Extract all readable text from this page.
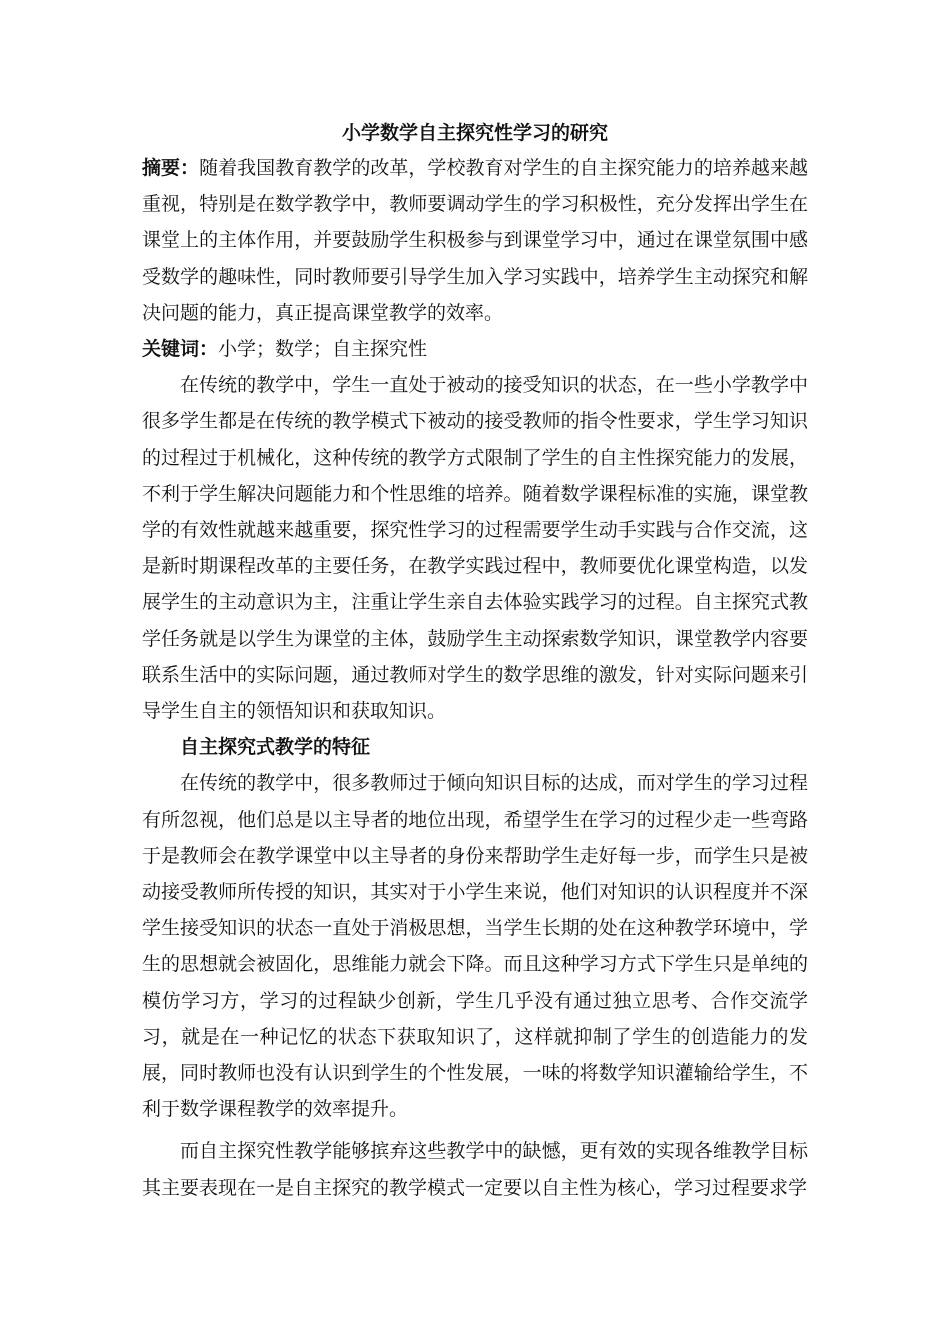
小学数学自主探究性学习的研究

摘要：随着我国教育教学的改革，学校教育对学生的自主探究能力的培养越来越重视，特别是在数学教学中，教师要调动学生的学习积极性，充分发挥出学生在课堂上的主体作用，并要鼓励学生积极参与到课堂学习中，通过在课堂氛围中感受数学的趣味性，同时教师要引导学生加入学习实践中，培养学生主动探究和解决问题的能力，真正提高课堂教学的效率。

关键词：小学；数学；自主探究性

在传统的教学中，学生一直处于被动的接受知识的状态，在一些小学教学中很多学生都是在传统的教学模式下被动的接受教师的指令性要求，学生学习知识的过程过于机械化，这种传统的教学方式限制了学生的自主性探究能力的发展，不利于学生解决问题能力和个性思维的培养。随着数学课程标准的实施，课堂教学的有效性就越来越重要，探究性学习的过程需要学生动手实践与合作交流，这是新时期课程改革的主要任务，在教学实践过程中，教师要优化课堂构造，以发展学生的主动意识为主，注重让学生亲自去体验实践学习的过程。自主探究式教学任务就是以学生为课堂的主体，鼓励学生主动探索数学知识，课堂教学内容要联系生活中的实际问题，通过教师对学生的数学思维的激发，针对实际问题来引导学生自主的领悟知识和获取知识。

自主探究式教学的特征

在传统的教学中，很多教师过于倾向知识目标的达成，而对学生的学习过程有所忽视，他们总是以主导者的地位出现，希望学生在学习的过程少走一些弯路于是教师会在教学课堂中以主导者的身份来帮助学生走好每一步，而学生只是被动接受教师所传授的知识，其实对于小学生来说，他们对知识的认识程度并不深学生接受知识的状态一直处于消极思想，当学生长期的处在这种教学环境中，学生的思想就会被固化，思维能力就会下降。而且这种学习方式下学生只是单纯的模仿学习方，学习的过程缺少创新，学生几乎没有通过独立思考、合作交流学习，就是在一种记忆的状态下获取知识了，这样就抑制了学生的创造能力的发展，同时教师也没有认识到学生的个性发展，一味的将数学知识灌输给学生，不利于数学课程教学的效率提升。

而自主探究性教学能够摈弃这些教学中的缺憾，更有效的实现各维教学目标其主要表现在一是自主探究的教学模式一定要以自主性为核心，学习过程要求学
